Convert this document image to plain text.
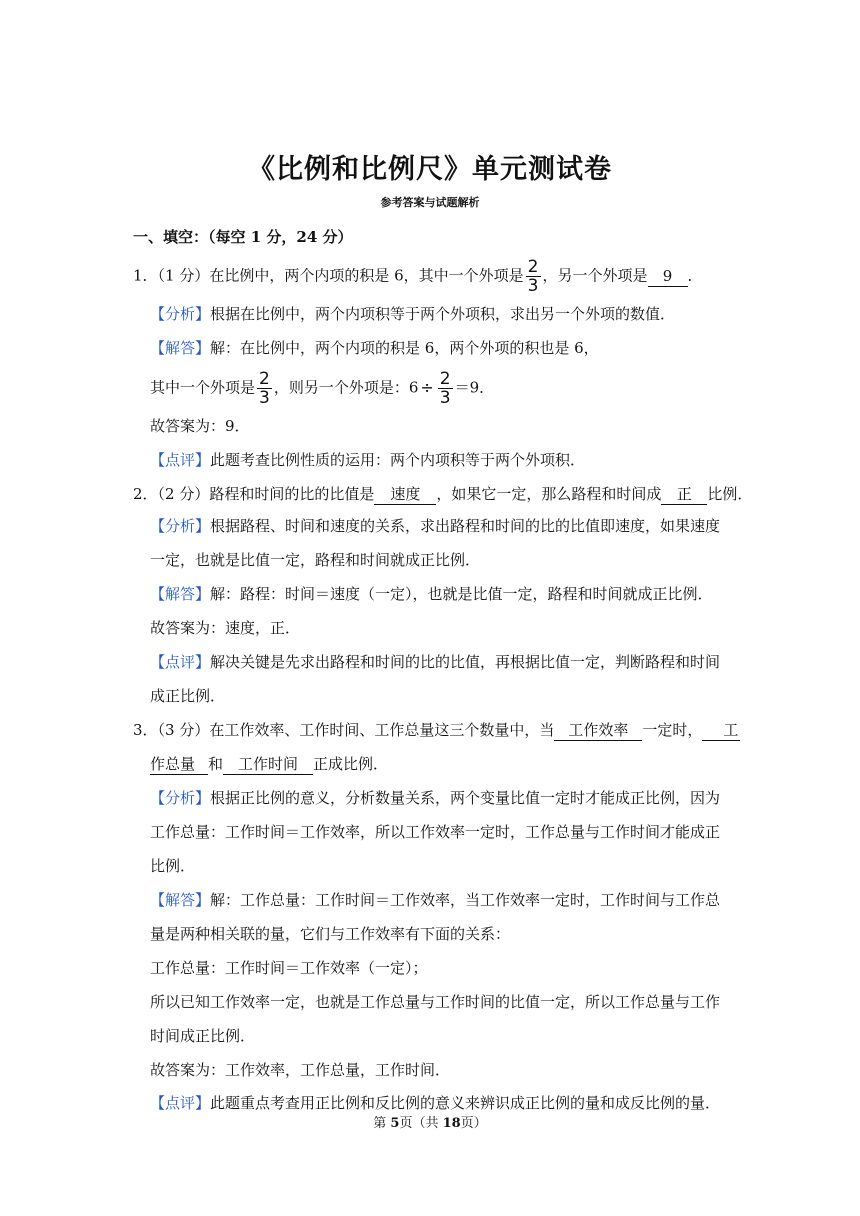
《比例和比例尺》单元测试卷
参考答案与试题解析
一、填空：（每空 1 分，24 分）
1．（1 分）在比例中，两个内项的积是 6，其中一个外项是 $\frac{2}{3}$ ，另一个外项是 9 ．
【分析】根据在比例中，两个内项积等于两个外项积，求出另一个外项的数值．
【解答】解：在比例中，两个内项的积是 6，两个外项的积也是 6，
其中一个外项是 $\frac{2}{3}$ ，则另一个外项是：$6 \div \frac{2}{3} =9$．
故答案为：9．
【点评】此题考查比例性质的运用：两个内项积等于两个外项积．
2．（2 分）路程和时间的比的比值是 速度 ，如果它一定，那么路程和时间成 正 比例．
【分析】根据路程、时间和速度的关系，求出路程和时间的比的比值即速度，如果速度
一定，也就是比值一定，路程和时间就成正比例．
【解答】解：路程：时间＝速度（一定），也就是比值一定，路程和时间就成正比例．
故答案为：速度，正．
【点评】解决关键是先求出路程和时间的比的比值，再根据比值一定，判断路程和时间
成正比例．
3．（3 分）在工作效率、工作时间、工作总量这三个数量中，当 工作效率 一定时， 工
作总量 和 工作时间 正成比例．
【分析】根据正比例的意义，分析数量关系，两个变量比值一定时才能成正比例，因为
工作总量：工作时间＝工作效率，所以工作效率一定时，工作总量与工作时间才能成正
比例．
【解答】解：工作总量：工作时间＝工作效率，当工作效率一定时，工作时间与工作总
量是两种相关联的量，它们与工作效率有下面的关系：
工作总量：工作时间＝工作效率（一定）；
所以已知工作效率一定，也就是工作总量与工作时间的比值一定，所以工作总量与工作
时间成正比例．
故答案为：工作效率，工作总量，工作时间．
【点评】此题重点考查用正比例和反比例的意义来辨识成正比例的量和成反比例的量．
第 5页（共 18页）
